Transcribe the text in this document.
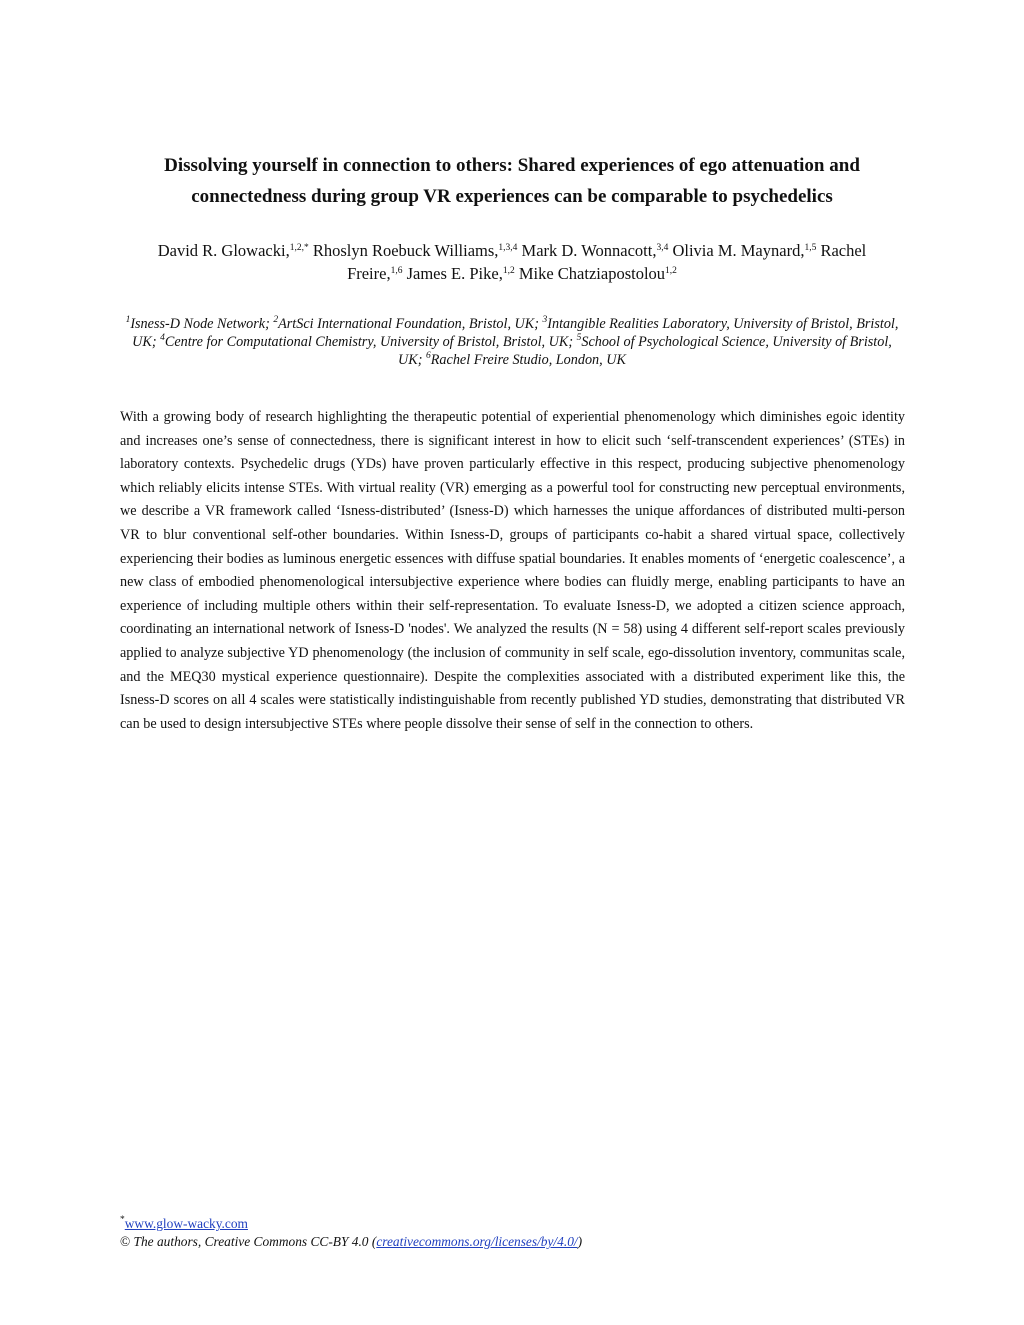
Dissolving yourself in connection to others: Shared experiences of ego attenuation and
connectedness during group VR experiences can be comparable to psychedelics

David R. Glowacki,$^{1,2,*}$ Rhoslyn Roebuck Williams,$^{1,3,4}$ Mark D. Wonnacott,$^{3,4}$ Olivia M. Maynard,$^{1,5}$ Rachel Freire,$^{1,6}$ James E. Pike,$^{1,2}$ Mike Chatziapostolou$^{1,2}$

$^1$Isness-D Node Network; $^2$ArtSci International Foundation, Bristol, UK; $^3$Intangible Realities Laboratory, University of Bristol, Bristol, UK; $^4$Centre for Computational Chemistry, University of Bristol, Bristol, UK; $^5$School of Psychological Science, University of Bristol, UK; $^6$Rachel Freire Studio, London, UK

With a growing body of research highlighting the therapeutic potential of experiential phenomenology which diminishes egoic identity and increases one’s sense of connectedness, there is significant interest in how to elicit such ‘self-transcendent experiences’ (STEs) in laboratory contexts. Psychedelic drugs (YDs) have proven particularly effective in this respect, producing subjective phenomenology which reliably elicits intense STEs. With virtual reality (VR) emerging as a powerful tool for constructing new perceptual environments, we describe a VR framework called ‘Isness-distributed’ (Isness-D) which harnesses the unique affordances of distributed multi-person VR to blur conventional self-other boundaries. Within Isness-D, groups of participants co-habit a shared virtual space, collectively experiencing their bodies as luminous energetic essences with diffuse spatial boundaries. It enables moments of ‘energetic coalescence’, a new class of embodied phenomenological intersubjective experience where bodies can fluidly merge, enabling participants to have an experience of including multiple others within their self-representation. To evaluate Isness-D, we adopted a citizen science approach, coordinating an international network of Isness-D 'nodes'. We analyzed the results (N = 58) using 4 different self-report scales previously applied to analyze subjective YD phenomenology (the inclusion of community in self scale, ego-dissolution inventory, communitas scale, and the MEQ30 mystical experience questionnaire). Despite the complexities associated with a distributed experiment like this, the Isness-D scores on all 4 scales were statistically indistinguishable from recently published YD studies, demonstrating that distributed VR can be used to design intersubjective STEs where people dissolve their sense of self in the connection to others.

*www.glow-wacky.com
© The authors, Creative Commons CC-BY 4.0 (creativecommons.org/licenses/by/4.0/)
